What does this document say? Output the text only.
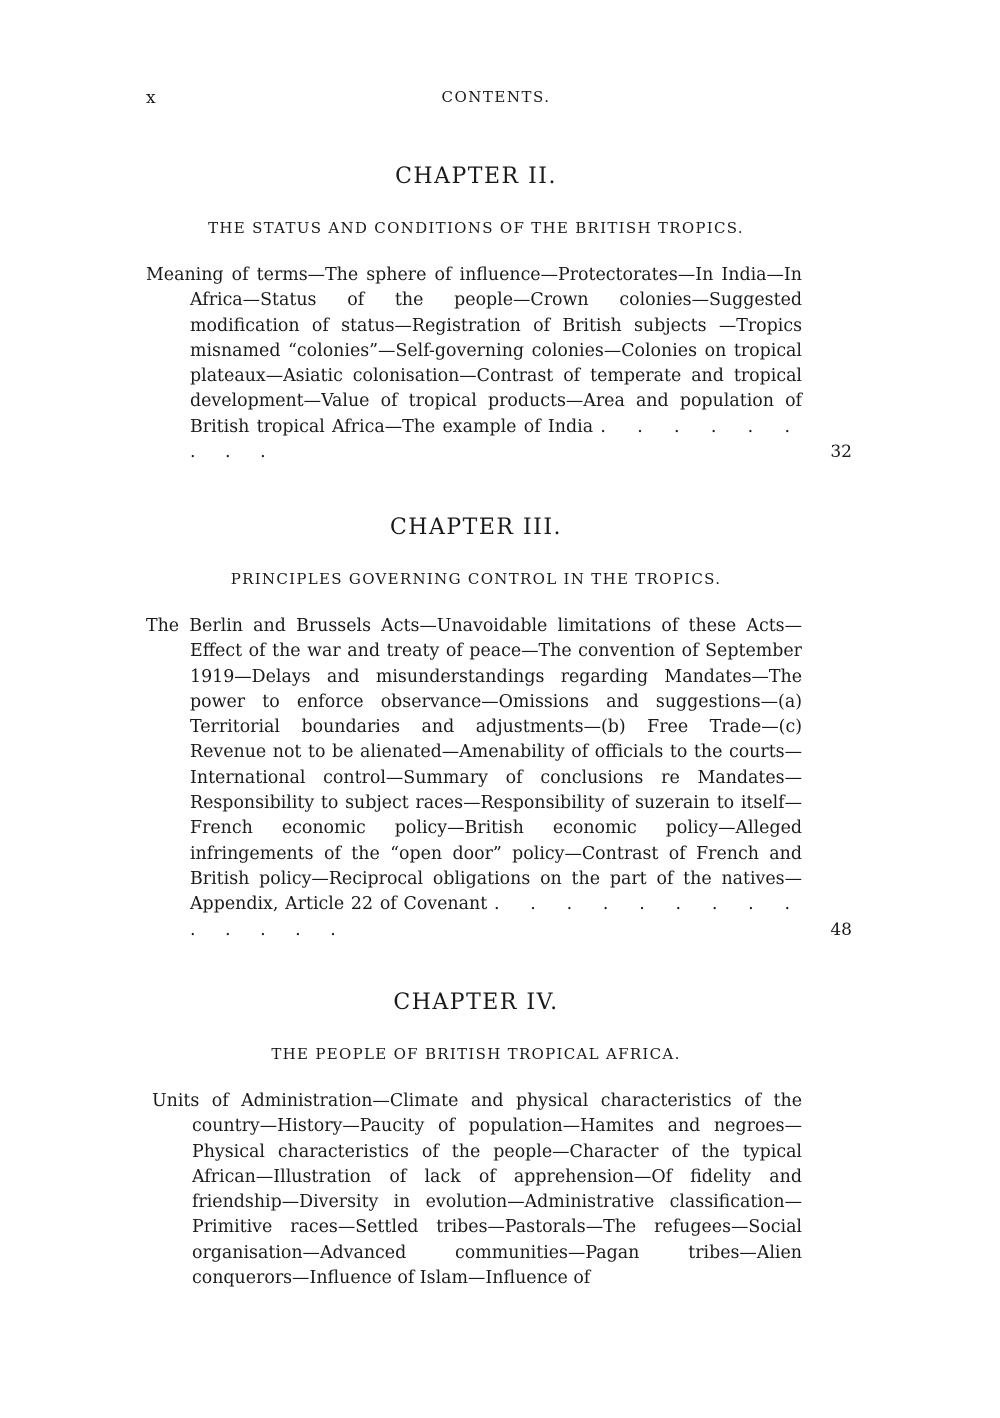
x	CONTENTS.
CHAPTER II.
THE STATUS AND CONDITIONS OF THE BRITISH TROPICS.

Meaning of terms—The sphere of influence—Protectorates—In India—In Africa—Status of the people—Crown colonies—Suggested modification of status—Registration of British subjects —Tropics misnamed “colonies”—Self-governing colonies—Colonies on tropical plateaux—Asiatic colonisation—Contrast of temperate and tropical development—Value of tropical products—Area and population of British tropical Africa—The example of India . . . . . . . . .	32
CHAPTER III.
PRINCIPLES GOVERNING CONTROL IN THE TROPICS.

The Berlin and Brussels Acts—Unavoidable limitations of these Acts—Effect of the war and treaty of peace—The convention of September 1919—Delays and misunderstandings regarding Mandates—The power to enforce observance—Omissions and suggestions—(a) Territorial boundaries and adjustments—(b) Free Trade—(c) Revenue not to be alienated—Amenability of officials to the courts—International control—Summary of conclusions re Mandates—Responsibility to subject races—Responsibility of suzerain to itself—French economic policy—British economic policy—Alleged infringements of the “open door” policy—Contrast of French and British policy—Reciprocal obligations on the part of the natives—Appendix, Article 22 of Covenant . . . . . . . . . . . . . .	48
CHAPTER IV.
THE PEOPLE OF BRITISH TROPICAL AFRICA.

Units of Administration—Climate and physical characteristics of the country—History—Paucity of population—Hamites and negroes—Physical characteristics of the people—Character of the typical African—Illustration of lack of apprehension—Of fidelity and friendship—Diversity in evolution—Administrative classification—Primitive races—Settled tribes—Pastorals—The refugees—Social organisation—Advanced communities—Pagan tribes—Alien conquerors—Influence of Islam—Influence of
